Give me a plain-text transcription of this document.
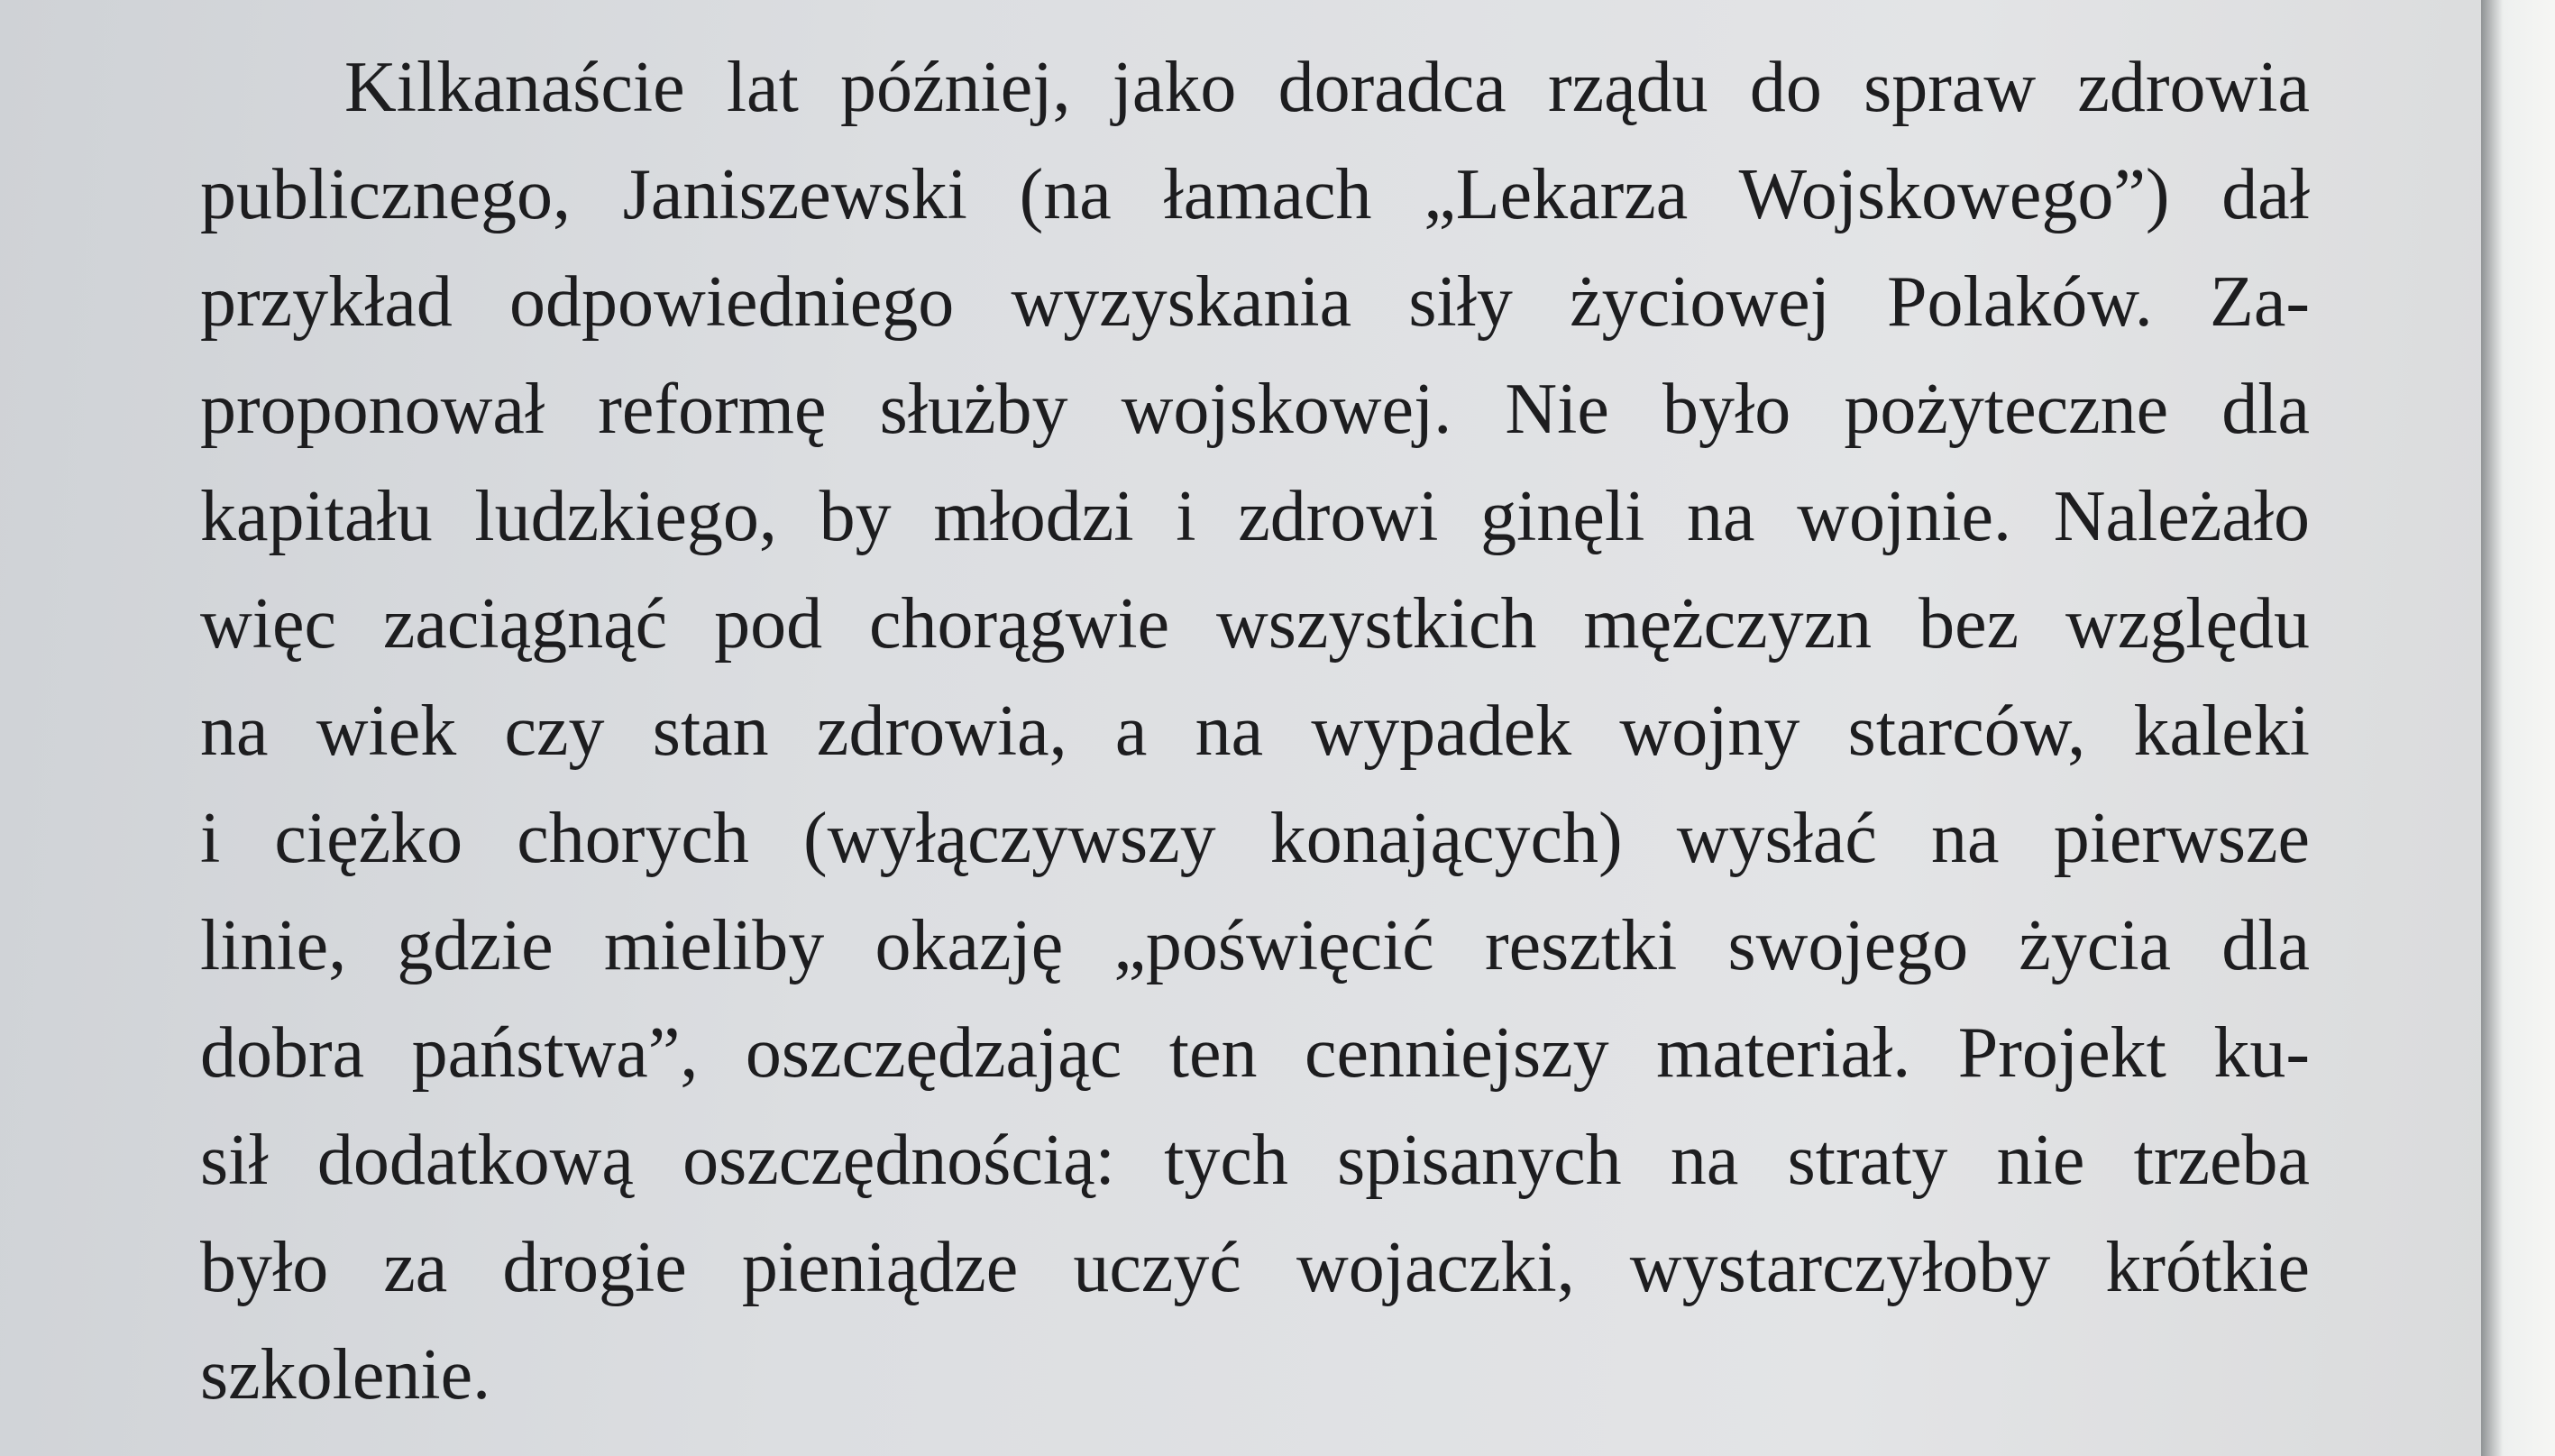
Kilkanaście lat później, jako doradca rządu do spraw zdrowia
publicznego, Janiszewski (na łamach „Lekarza Wojskowego”) dał
przykład odpowiedniego wyzyskania siły życiowej Polaków. Za-
proponował reformę służby wojskowej. Nie było pożyteczne dla
kapitału ludzkiego, by młodzi i zdrowi ginęli na wojnie. Należało
więc zaciągnąć pod chorągwie wszystkich mężczyzn bez względu
na wiek czy stan zdrowia, a na wypadek wojny starców, kaleki
i ciężko chorych (wyłączywszy konających) wysłać na pierwsze
linie, gdzie mieliby okazję „poświęcić resztki swojego życia dla
dobra państwa”, oszczędzając ten cenniejszy materiał. Projekt ku-
sił dodatkową oszczędnością: tych spisanych na straty nie trzeba
było za drogie pieniądze uczyć wojaczki, wystarczyłoby krótkie
szkolenie.
